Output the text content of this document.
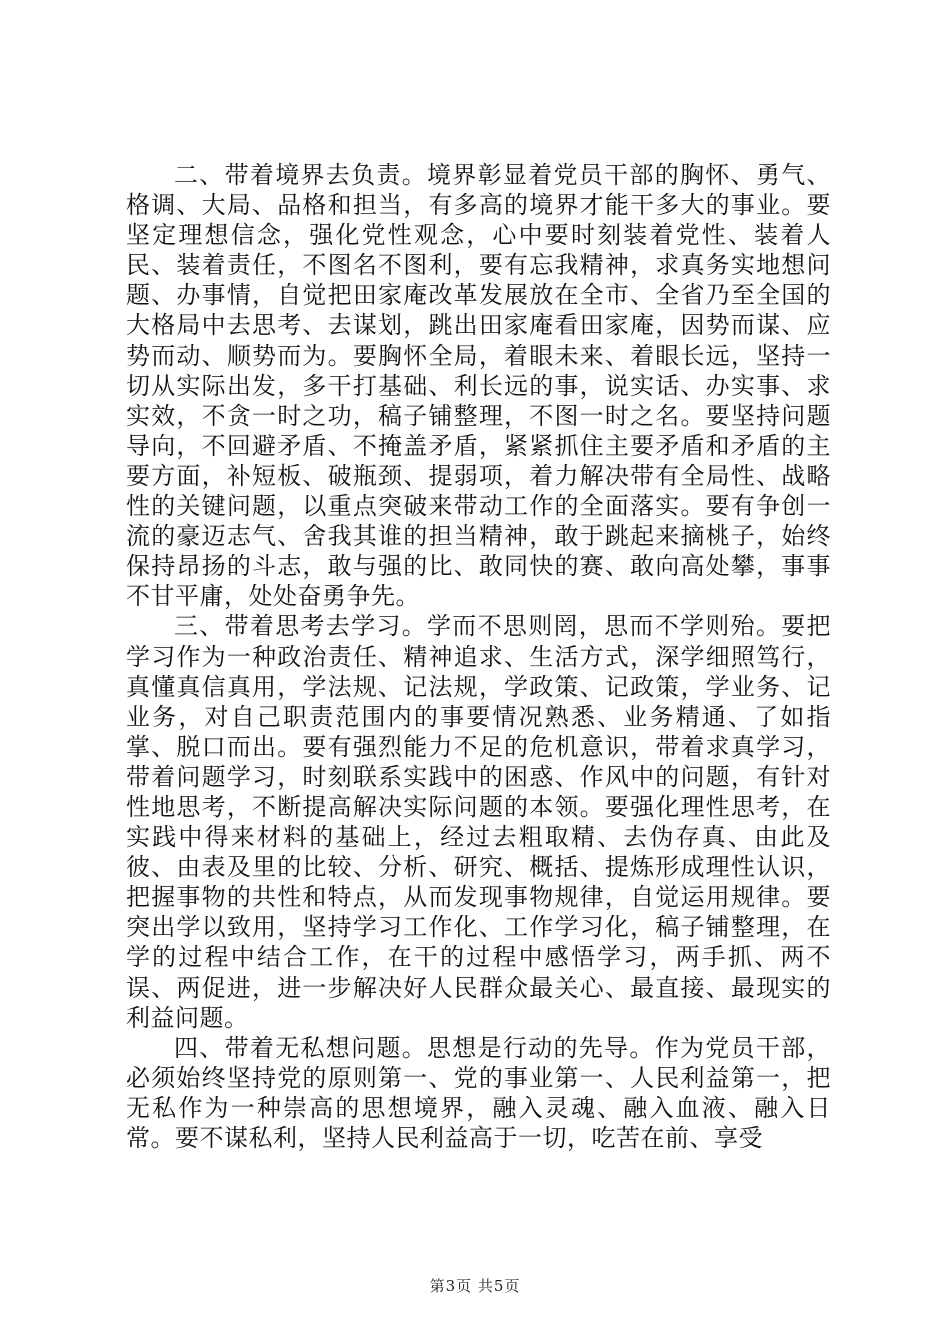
二、带着境界去负责。境界彰显着党员干部的胸怀、勇气、格调、大局、品格和担当，有多高的境界才能干多大的事业。要坚定理想信念，强化党性观念，心中要时刻装着党性、装着人民、装着责任，不图名不图利，要有忘我精神，求真务实地想问题、办事情，自觉把田家庵改革发展放在全市、全省乃至全国的大格局中去思考、去谋划，跳出田家庵看田家庵，因势而谋、应势而动、顺势而为。要胸怀全局，着眼未来、着眼长远，坚持一切从实际出发，多干打基础、利长远的事，说实话、办实事、求实效，不贪一时之功，稿子铺整理，不图一时之名。要坚持问题导向，不回避矛盾、不掩盖矛盾，紧紧抓住主要矛盾和矛盾的主要方面，补短板、破瓶颈、提弱项，着力解决带有全局性、战略性的关键问题，以重点突破来带动工作的全面落实。要有争创一流的豪迈志气、舍我其谁的担当精神，敢于跳起来摘桃子，始终保持昂扬的斗志，敢与强的比、敢同快的赛、敢向高处攀，事事不甘平庸，处处奋勇争先。

三、带着思考去学习。学而不思则罔，思而不学则殆。要把学习作为一种政治责任、精神追求、生活方式，深学细照笃行，真懂真信真用，学法规、记法规，学政策、记政策，学业务、记业务，对自己职责范围内的事要情况熟悉、业务精通、了如指掌、脱口而出。要有强烈能力不足的危机意识，带着求真学习，带着问题学习，时刻联系实践中的困惑、作风中的问题，有针对性地思考，不断提高解决实际问题的本领。要强化理性思考，在实践中得来材料的基础上，经过去粗取精、去伪存真、由此及彼、由表及里的比较、分析、研究、概括、提炼形成理性认识，把握事物的共性和特点，从而发现事物规律，自觉运用规律。要突出学以致用，坚持学习工作化、工作学习化，稿子铺整理，在学的过程中结合工作，在干的过程中感悟学习，两手抓、两不误、两促进，进一步解决好人民群众最关心、最直接、最现实的利益问题。

四、带着无私想问题。思想是行动的先导。作为党员干部，必须始终坚持党的原则第一、党的事业第一、人民利益第一，把无私作为一种崇高的思想境界，融入灵魂、融入血液、融入日常。要不谋私利，坚持人民利益高于一切，吃苦在前、享受

第3页 共5页
